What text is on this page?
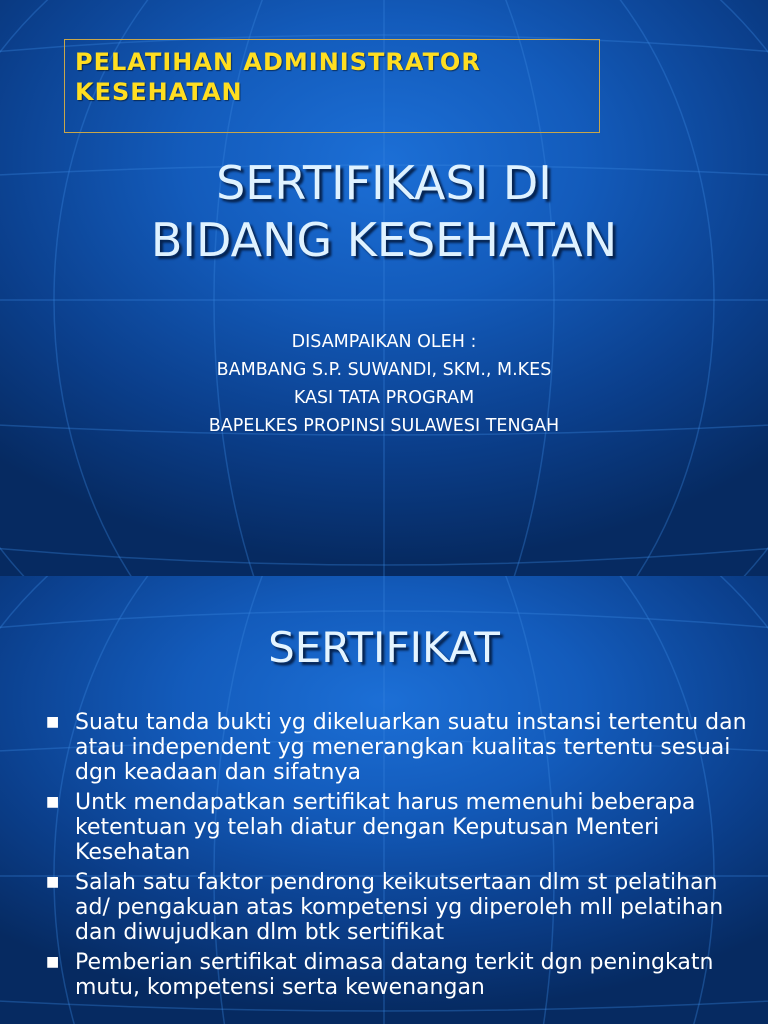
PELATIHAN ADMINISTRATOR
KESEHATAN
SERTIFIKASI DI
BIDANG KESEHATAN
DISAMPAIKAN OLEH :
BAMBANG S.P. SUWANDI, SKM., M.KES
KASI TATA PROGRAM
BAPELKES PROPINSI SULAWESI TENGAH
SERTIFIKAT
■ Suatu tanda bukti yg dikeluarkan suatu instansi tertentu dan atau independent yg menerangkan kualitas tertentu sesuai dgn keadaan dan sifatnya
■ Untk mendapatkan sertifikat harus memenuhi beberapa ketentuan yg telah diatur dengan Keputusan Menteri Kesehatan
■ Salah satu faktor pendrong keikutsertaan dlm st pelatihan ad/ pengakuan atas kompetensi yg diperoleh mll pelatihan dan diwujudkan dlm btk sertifikat
■ Pemberian sertifikat dimasa datang terkit dgn peningkatn mutu, kompetensi serta kewenangan
